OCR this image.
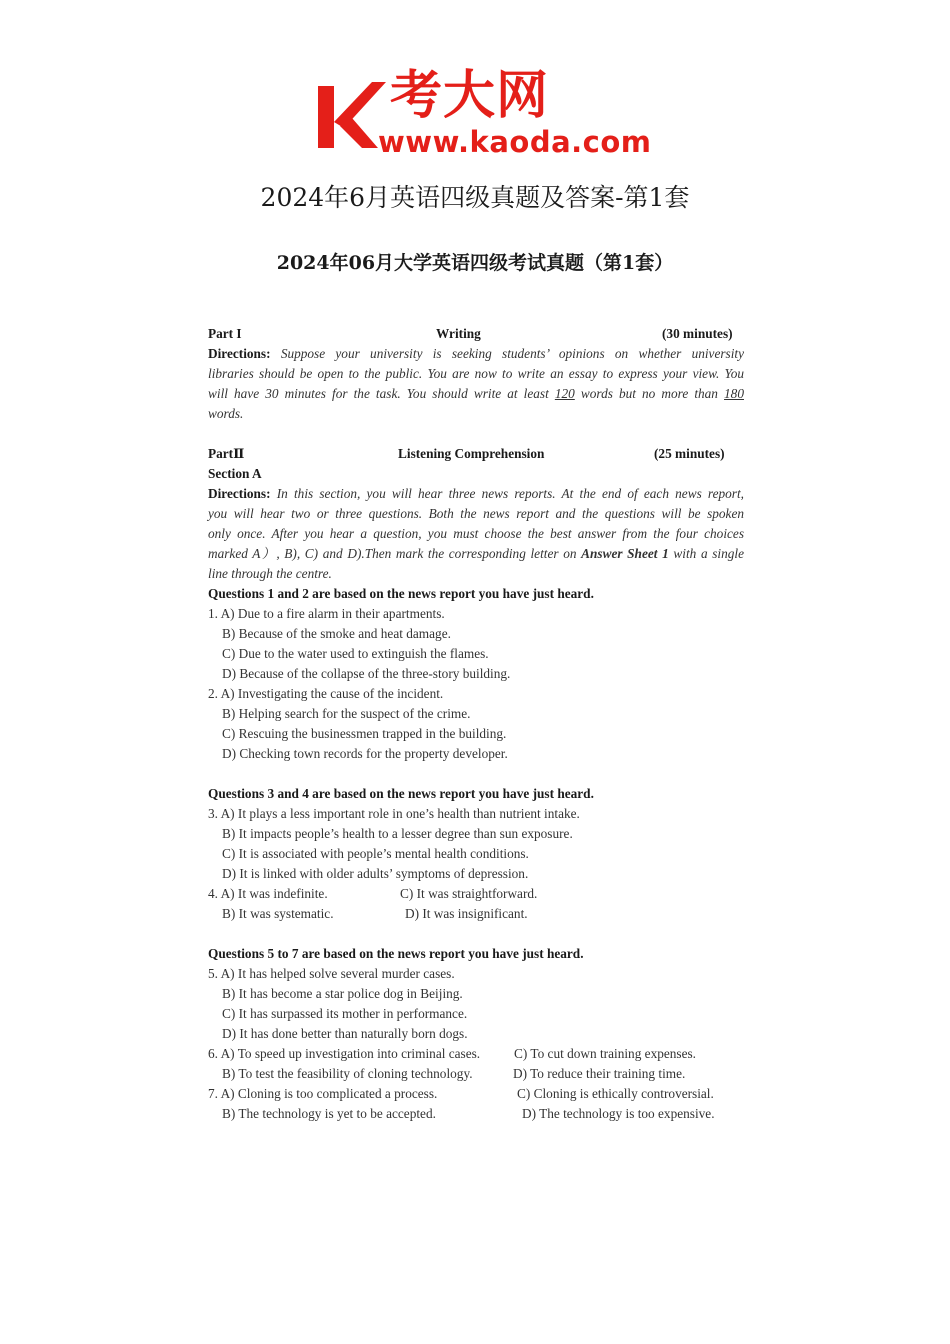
考大网
www.kaoda.com
2024年6月英语四级真题及答案-第1套
2024年06月大学英语四级考试真题（第1套）
Part I	Writing	(30 minutes)
Directions: Suppose your university is seeking students’ opinions on whether university
libraries should be open to the public. You are now to write an essay to express your view. You
will have 30 minutes for the task. You should write at least 120 words but no more than 180
words.
PartⅡ	Listening Comprehension	(25 minutes)
Section A
Directions: In this section, you will hear three news reports. At the end of each news report,
you will hear two or three questions. Both the news report and the questions will be spoken
only once. After you hear a question, you must choose the best answer from the four choices
marked A）, B), C) and D).Then mark the corresponding letter on Answer Sheet 1 with a single
line through the centre.
Questions 1 and 2 are based on the news report you have just heard.
1. A) Due to a fire alarm in their apartments.
B) Because of the smoke and heat damage.
C) Due to the water used to extinguish the flames.
D) Because of the collapse of the three-story building.
2. A) Investigating the cause of the incident.
B) Helping search for the suspect of the crime.
C) Rescuing the businessmen trapped in the building.
D) Checking town records for the property developer.
Questions 3 and 4 are based on the news report you have just heard.
3. A) It plays a less important role in one’s health than nutrient intake.
B) It impacts people’s health to a lesser degree than sun exposure.
C) It is associated with people’s mental health conditions.
D) It is linked with older adults’ symptoms of depression.
4. A) It was indefinite.	C) It was straightforward.
B) It was systematic.	D) It was insignificant.
Questions 5 to 7 are based on the news report you have just heard.
5. A) It has helped solve several murder cases.
B) It has become a star police dog in Beijing.
C) It has surpassed its mother in performance.
D) It has done better than naturally born dogs.
6. A) To speed up investigation into criminal cases.	C) To cut down training expenses.
B) To test the feasibility of cloning technology.	D) To reduce their training time.
7. A) Cloning is too complicated a process.	C) Cloning is ethically controversial.
B) The technology is yet to be accepted.	D) The technology is too expensive.
